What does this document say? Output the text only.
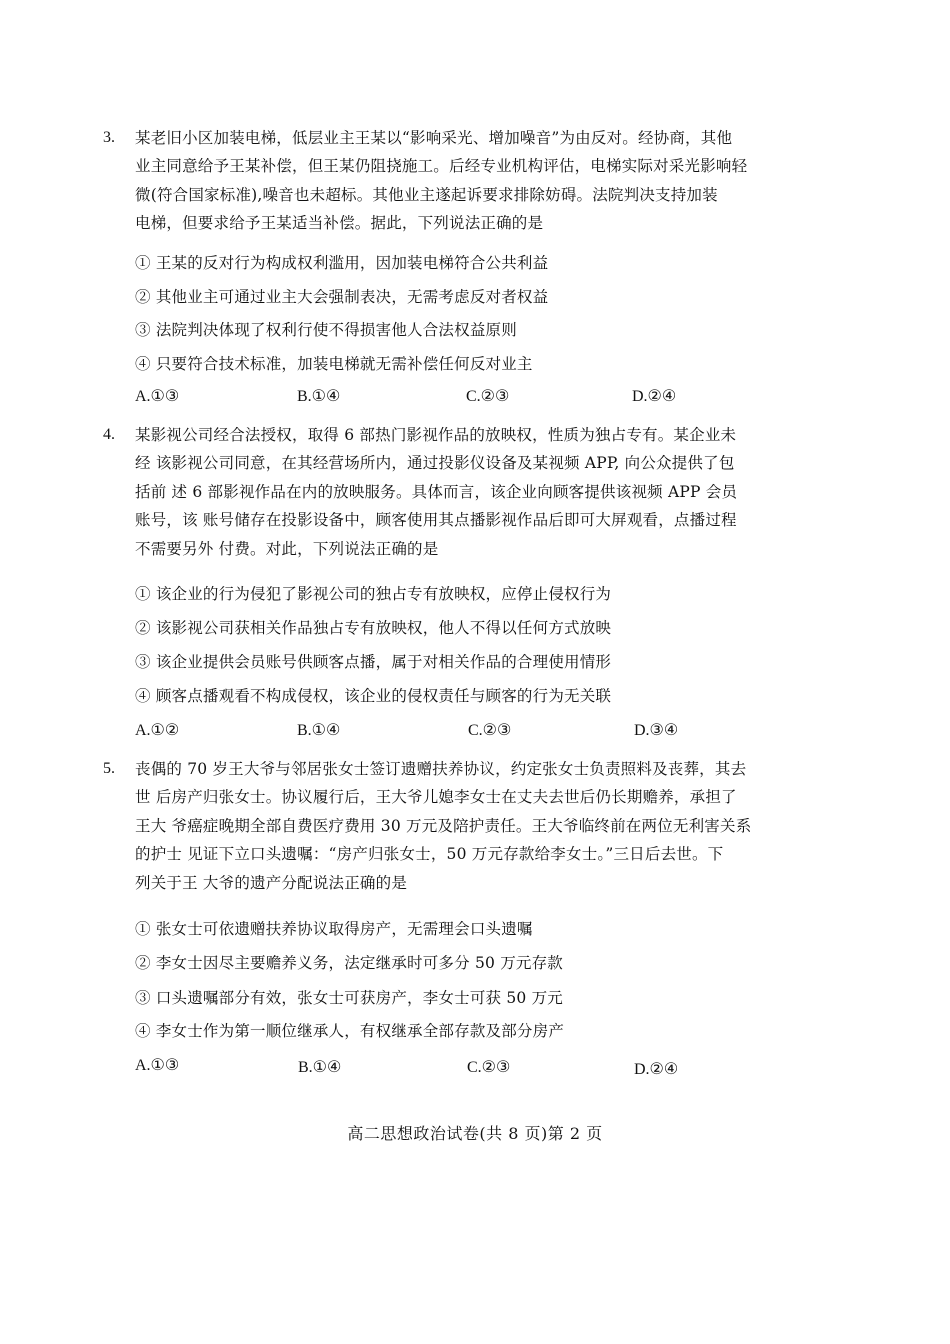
3. 某老旧小区加装电梯，低层业主王某以“影响采光、增加噪音”为由反对。经协商，其他
业主同意给予王某补偿，但王某仍阻挠施工。后经专业机构评估，电梯实际对采光影响轻
微(符合国家标准),噪音也未超标。其他业主遂起诉要求排除妨碍。法院判决支持加装
电梯，但要求给予王某适当补偿。据此，下列说法正确的是
① 王某的反对行为构成权利滥用，因加装电梯符合公共利益
② 其他业主可通过业主大会强制表决，无需考虑反对者权益
③ 法院判决体现了权利行使不得损害他人合法权益原则
④ 只要符合技术标准，加装电梯就无需补偿任何反对业主
A.①③	B.①④	C.②③	D.②④
4. 某影视公司经合法授权，取得 6 部热门影视作品的放映权，性质为独占专有。某企业未
经 该影视公司同意，在其经营场所内，通过投影仪设备及某视频 APP, 向公众提供了包
括前 述 6 部影视作品在内的放映服务。具体而言，该企业向顾客提供该视频 APP 会员
账号，该 账号储存在投影设备中，顾客使用其点播影视作品后即可大屏观看，点播过程
不需要另外 付费。对此，下列说法正确的是
① 该企业的行为侵犯了影视公司的独占专有放映权，应停止侵权行为
② 该影视公司获相关作品独占专有放映权，他人不得以任何方式放映
③ 该企业提供会员账号供顾客点播，属于对相关作品的合理使用情形
④ 顾客点播观看不构成侵权，该企业的侵权责任与顾客的行为无关联
A.①②	B.①④	C.②③	D.③④
5. 丧偶的 70 岁王大爷与邻居张女士签订遗赠扶养协议，约定张女士负责照料及丧葬，其去
世 后房产归张女士。协议履行后，王大爷儿媳李女士在丈夫去世后仍长期赡养，承担了
王大 爷癌症晚期全部自费医疗费用 30 万元及陪护责任。王大爷临终前在两位无利害关系
的护士 见证下立口头遗嘱：“房产归张女士，50 万元存款给李女士。”三日后去世。下
列关于王 大爷的遗产分配说法正确的是
① 张女士可依遗赠扶养协议取得房产，无需理会口头遗嘱
② 李女士因尽主要赡养义务，法定继承时可多分 50 万元存款
③ 口头遗嘱部分有效，张女士可获房产，李女士可获 50 万元
④ 李女士作为第一顺位继承人，有权继承全部存款及部分房产
A.①③	B.①④	C.②③	D.②④
高二思想政治试卷(共 8 页)第 2 页
